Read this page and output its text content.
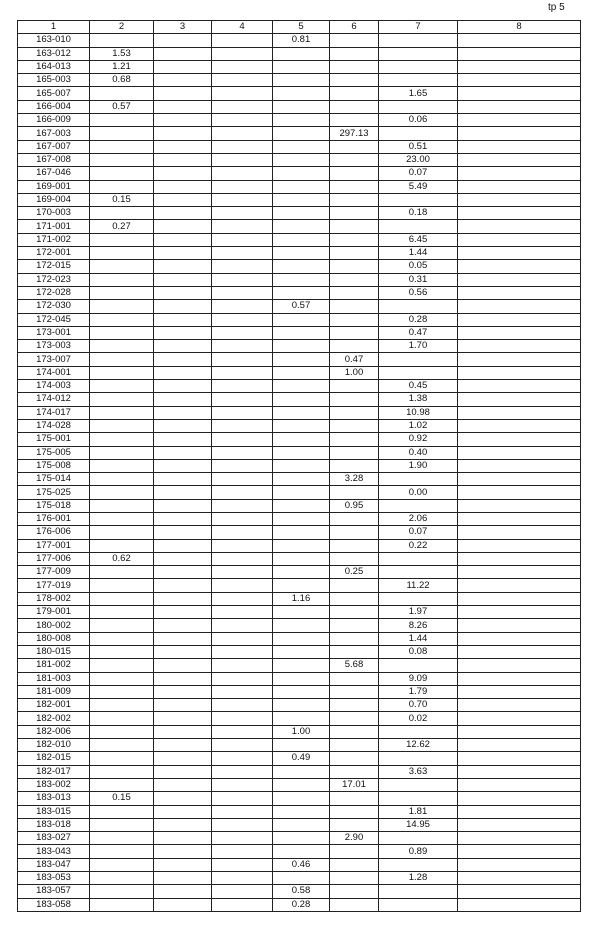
tp 5
1	2	3	4	5	6	7	8
163-010				0.81			
163-012	1.53						
164-013	1.21						
165-003	0.68						
165-007						1.65	
166-004	0.57						
166-009						0.06	
167-003					297.13		
167-007						0.51	
167-008						23.00	
167-046						0.07	
169-001						5.49	
169-004	0.15						
170-003						0.18	
171-001	0.27						
171-002						6.45	
172-001						1.44	
172-015						0.05	
172-023						0.31	
172-028						0.56	
172-030				0.57			
172-045						0.28	
173-001						0.47	
173-003						1.70	
173-007					0.47		
174-001					1.00		
174-003						0.45	
174-012						1.38	
174-017						10.98	
174-028						1.02	
175-001						0.92	
175-005						0.40	
175-008						1.90	
175-014					3.28		
175-025						0.00	
175-018					0.95		
176-001						2.06	
176-006						0.07	
177-001						0.22	
177-006	0.62						
177-009					0.25		
177-019						11.22	
178-002				1.16			
179-001						1.97	
180-002						8.26	
180-008						1.44	
180-015						0.08	
181-002					5.68		
181-003						9.09	
181-009						1.79	
182-001						0.70	
182-002						0.02	
182-006				1.00			
182-010						12.62	
182-015				0.49			
182-017						3.63	
183-002					17.01		
183-013	0.15						
183-015						1.81	
183-018						14.95	
183-027					2.90		
183-043						0.89	
183-047				0.46			
183-053						1.28	
183-057				0.58			
183-058				0.28			
